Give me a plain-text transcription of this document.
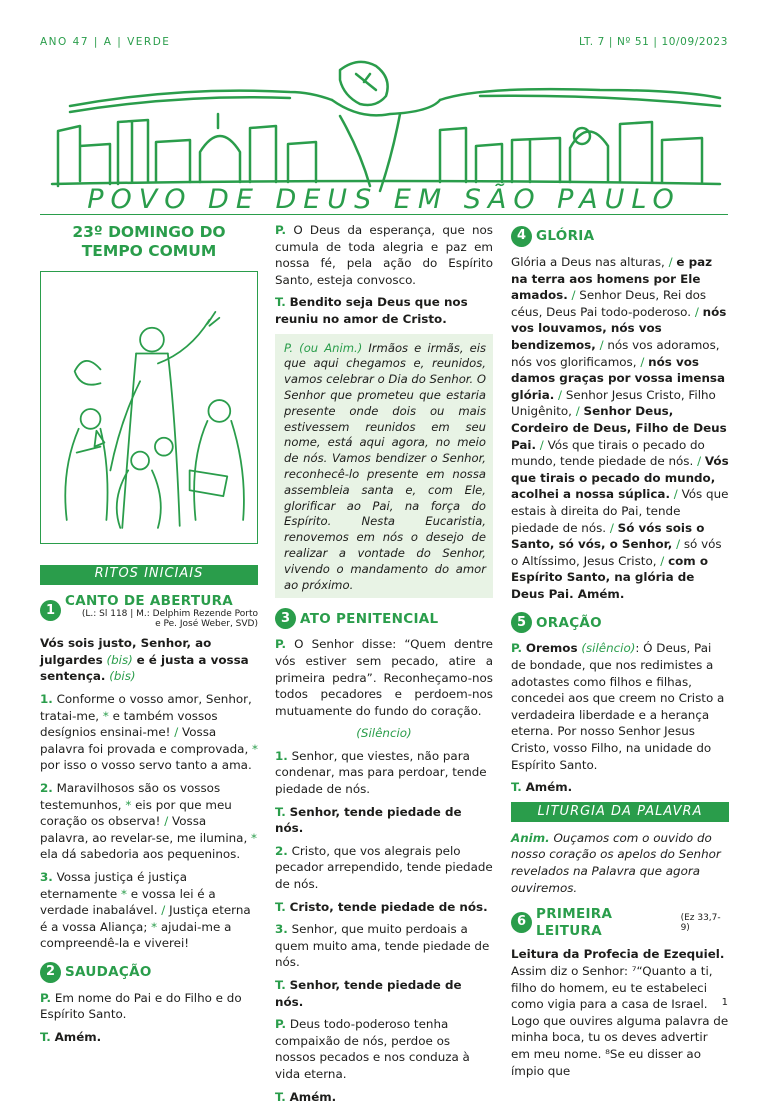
ANO 47 | A | VERDE	LT. 7 | Nº 51 | 10/09/2023
POVO DE DEUS EM SÃO PAULO
23º DOMINGO DO
TEMPO COMUM
RITOS INICIAIS
1
CANTO DE ABERTURA
(L.: Sl 118 | M.: Delphim Rezende Porto
e Pe. José Weber, SVD)

Vós sois justo, Senhor, ao julgardes (bis) e é justa a vossa sentença. (bis)

1. Conforme o vosso amor, Senhor, tratai-me, * e também vossos desígnios ensinai-me! / Vossa palavra foi provada e comprovada, * por isso o vosso servo tanto a ama.

2. Maravilhosos são os vossos testemunhos, * eis por que meu coração os observa! / Vossa palavra, ao revelar-se, me ilumina, * ela dá sabedoria aos pequeninos.

3. Vossa justiça é justiça eternamente * e vossa lei é a verdade inabalável. / Justiça eterna é a vossa Aliança; * ajudai-me a compreendê-la e viverei!

2 SAUDAÇÃO

P. Em nome do Pai e do Filho e do Espírito Santo.

T. Amém.

P. O Deus da esperança, que nos cumula de toda alegria e paz em nossa fé, pela ação do Espírito Santo, esteja convosco.

T. Bendito seja Deus que nos reuniu no amor de Cristo.

P. (ou Anim.) Irmãos e irmãs, eis que aqui chegamos e, reunidos, vamos celebrar o Dia do Senhor. O Senhor que prometeu que estaria presente onde dois ou mais estivessem reunidos em seu nome, está aqui agora, no meio de nós. Vamos bendizer o Senhor, reconhecê-lo presente em nossa assembleia santa e, com Ele, glorificar ao Pai, na força do Espírito. Nesta Eucaristia, renovemos em nós o desejo de realizar a vontade do Senhor, vivendo o mandamento do amor ao próximo.
3 ATO PENITENCIAL

P. O Senhor disse: “Quem dentre vós estiver sem pecado, atire a primeira pedra”. Reconheçamo-nos todos pecadores e perdoem-nos mutuamente do fundo do coração.

(Silêncio)

1. Senhor, que viestes, não para condenar, mas para perdoar, tende piedade de nós.

T. Senhor, tende piedade de nós.

2. Cristo, que vos alegrais pelo pecador arrependido, tende piedade de nós.

T. Cristo, tende piedade de nós.

3. Senhor, que muito perdoais a quem muito ama, tende piedade de nós.

T. Senhor, tende piedade de nós.

P. Deus todo-poderoso tenha compaixão de nós, perdoe os nossos pecados e nos conduza à vida eterna.

T. Amém.

4 GLÓRIA

Glória a Deus nas alturas, / e paz na terra aos homens por Ele amados. / Senhor Deus, Rei dos céus, Deus Pai todo-poderoso. / nós vos louvamos, nós vos bendizemos, / nós vos adoramos, nós vos glorificamos, / nós vos damos graças por vossa imensa glória. / Senhor Jesus Cristo, Filho Unigênito, / Senhor Deus, Cordeiro de Deus, Filho de Deus Pai. / Vós que tirais o pecado do mundo, tende piedade de nós. / Vós que tirais o pecado do mundo, acolhei a nossa súplica. / Vós que estais à direita do Pai, tende piedade de nós. / Só vós sois o Santo, só vós, o Senhor, / só vós o Altíssimo, Jesus Cristo, / com o Espírito Santo, na glória de Deus Pai. Amém.

5 ORAÇÃO

P. Oremos (silêncio): Ó Deus, Pai de bondade, que nos redimistes a adotastes como filhos e filhas, concedei aos que creem no Cristo a verdadeira liberdade e a herança eterna. Por nosso Senhor Jesus Cristo, vosso Filho, na unidade do Espírito Santo.

T. Amém.

LITURGIA DA PALAVRA

Anim. Ouçamos com o ouvido do nosso coração os apelos do Senhor revelados na Palavra que agora ouviremos.

6 PRIMEIRA LEITURA
(Ez 33,7-9)

Leitura da Profecia de Ezequiel. Assim diz o Senhor: ⁷“Quanto a ti, filho do homem, eu te estabeleci como vigia para a casa de Israel. Logo que ouvires alguma palavra de minha boca, tu os deves advertir em meu nome. ⁸Se eu disser ao ímpio que

1
